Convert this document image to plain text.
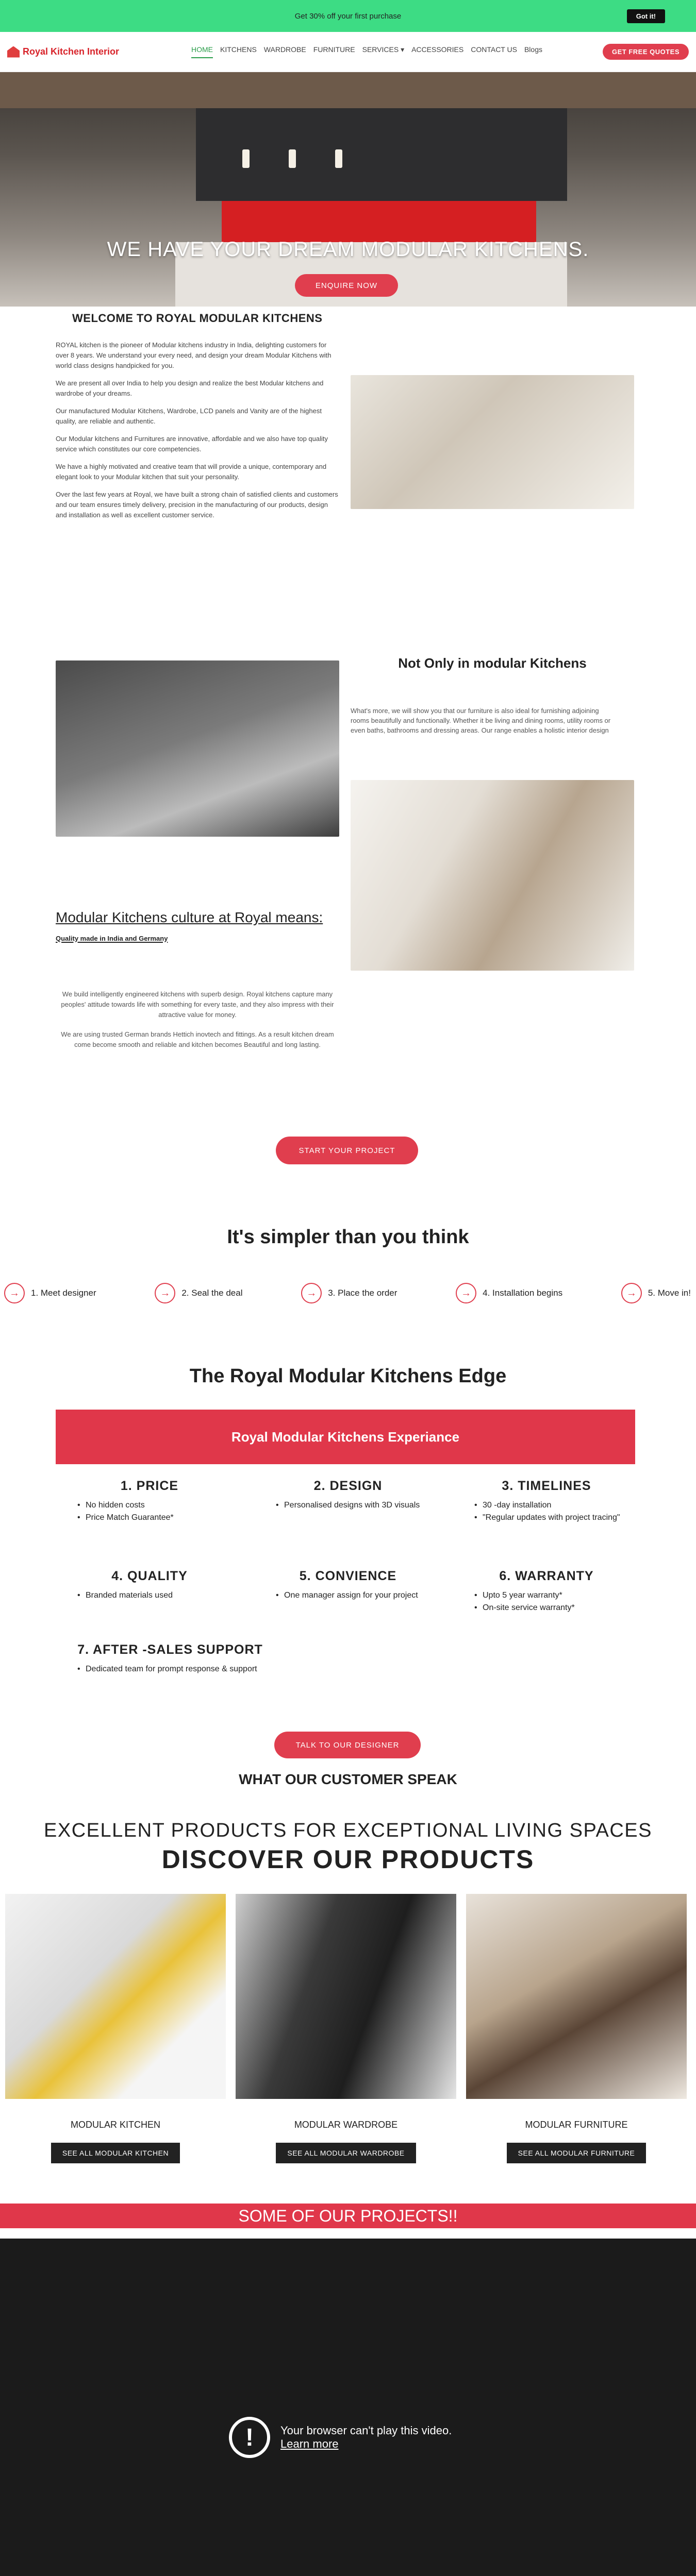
Get 30% off your first purchase	Got it!
Royal Kitchen Interior	HOME KITCHENS WARDROBE FURNITURE SERVICES ▾ ACCESSORIES CONTACT US Blogs	GET FREE QUOTES
WE HAVE YOUR DREAM MODULAR KITCHENS.
ENQUIRE NOW
WELCOME TO ROYAL MODULAR KITCHENS

ROYAL kitchen is the pioneer of Modular kitchens industry in India, delighting customers for over 8 years. We understand your every need, and design your dream Modular Kitchens with world class designs handpicked for you.

We are present all over India to help you design and realize the best Modular kitchens and wardrobe of your dreams.

Our manufactured Modular Kitchens, Wardrobe, LCD panels and Vanity are of the highest quality, are reliable and authentic.

Our Modular kitchens and Furnitures are innovative, affordable and we also have top quality service which constitutes our core competencies.

We have a highly motivated and creative team that will provide a unique, contemporary and elegant look to your Modular kitchen that suit your personality.

Over the last few years at Royal, we have built a strong chain of satisfied clients and customers and our team ensures timely delivery, precision in the manufacturing of our products, design and installation as well as excellent customer service.

Not Only in modular Kitchens
What's more, we will show you that our furniture is also ideal for furnishing adjoining rooms beautifully and functionally. Whether it be living and dining rooms, utility rooms or even baths, bathrooms and dressing areas. Our range enables a holistic interior design
Modular Kitchens culture at Royal means: Quality made in India and Germany

We build intelligently engineered kitchens with superb design. Royal kitchens capture many peoples' attitude towards life with something for every taste, and they also impress with their attractive value for money.

We are using trusted German brands Hettich inovtech and fittings. As a result kitchen dream come become smooth and reliable and kitchen becomes Beautiful and long lasting.

START YOUR PROJECT
It's simpler than you think
→	1. Meet designer	→	2. Seal the deal	→	3. Place the order	→	4. Installation begins	→	5. Move in!
The Royal Modular Kitchens Edge
Royal Modular Kitchens Experiance
1. PRICE
• No hidden costs
• Price Match Guarantee*
2. DESIGN
• Personalised designs with 3D visuals
3. TIMELINES
• 30 -day installation
• "Regular updates with project tracing"
4. QUALITY
• Branded materials used
5. CONVIENCE
• One manager assign for your project
6. WARRANTY
• Upto 5 year warranty*
• On-site service warranty*
7. AFTER -SALES SUPPORT
• Dedicated team for prompt response & support
TALK TO OUR DESIGNER
WHAT OUR CUSTOMER SPEAK
EXCELLENT PRODUCTS FOR EXCEPTIONAL LIVING SPACES
DISCOVER OUR PRODUCTS
MODULAR KITCHEN
SEE ALL MODULAR KITCHEN
MODULAR WARDROBE
SEE ALL MODULAR WARDROBE
MODULAR FURNITURE
SEE ALL MODULAR FURNITURE
SOME OF OUR PROJECTS!!
!	Your browser can't play this video.
Learn more
